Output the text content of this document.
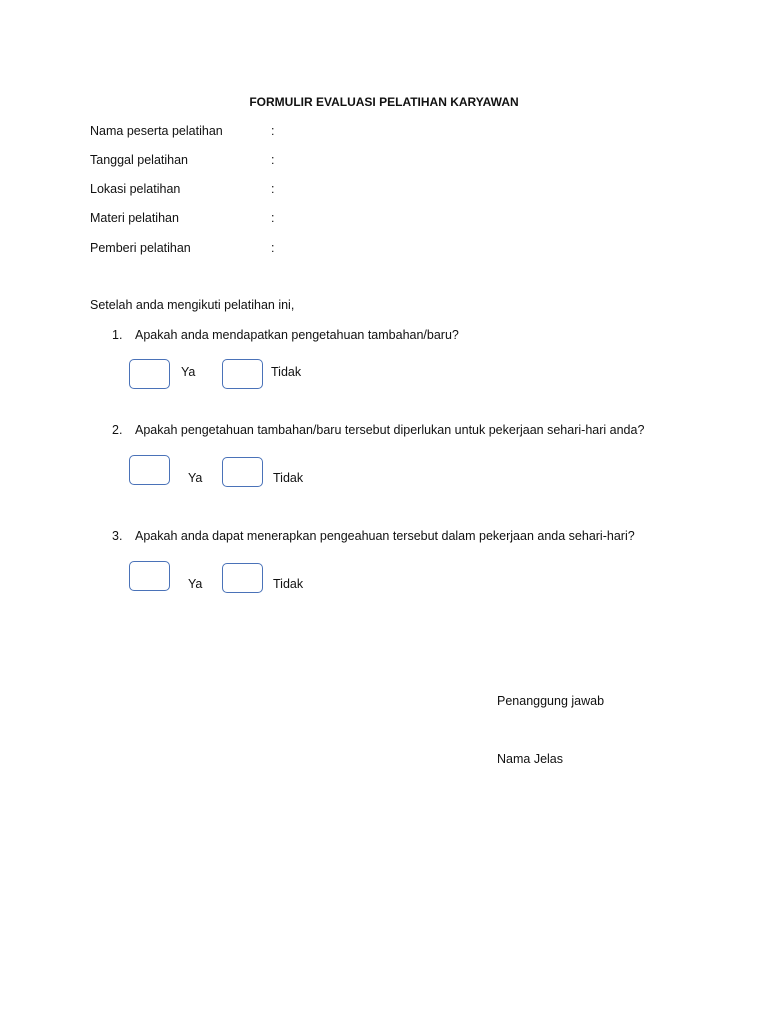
FORMULIR EVALUASI PELATIHAN KARYAWAN
Nama peserta pelatihan	:
Tanggal pelatihan	:
Lokasi pelatihan	:
Materi pelatihan	:
Pemberi pelatihan	:
Setelah anda mengikuti pelatihan ini,
1. Apakah anda mendapatkan pengetahuan tambahan/baru?
Ya	Tidak
2. Apakah pengetahuan tambahan/baru tersebut diperlukan untuk pekerjaan sehari-hari anda?
Ya	Tidak
3. Apakah anda dapat menerapkan pengeahuan tersebut dalam pekerjaan anda sehari-hari?
Ya	Tidak
Penanggung jawab
Nama Jelas
